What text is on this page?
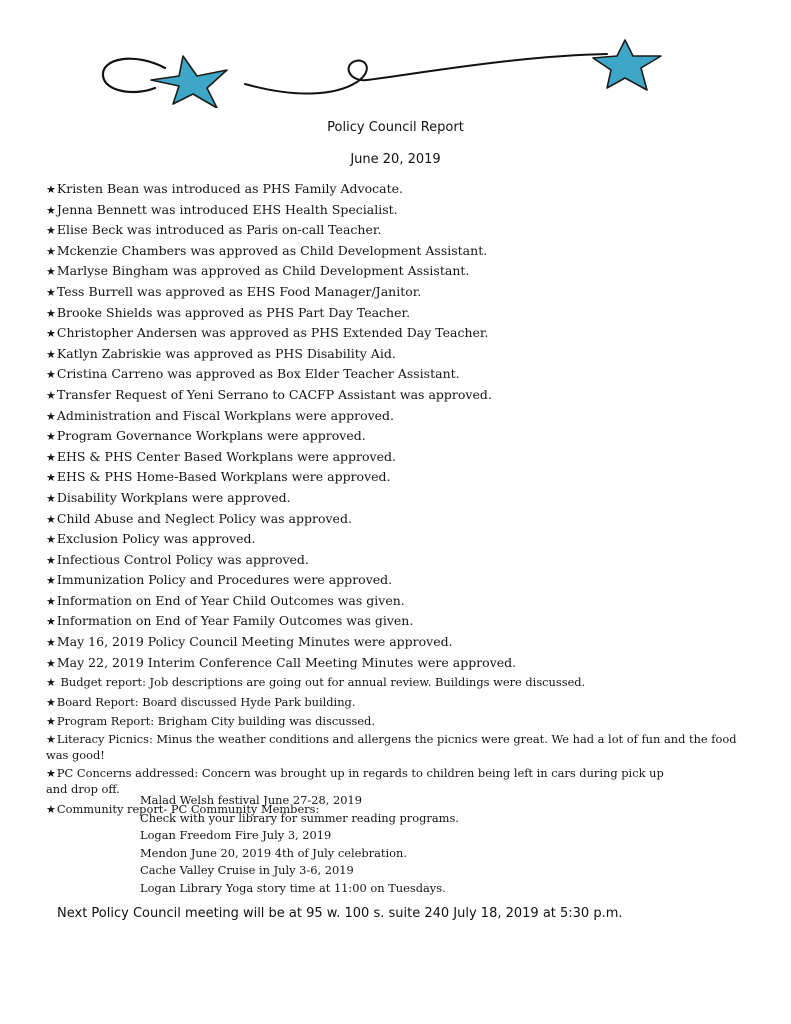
Policy Council Report
June 20, 2019
★Kristen Bean was introduced as PHS Family Advocate.
★Jenna Bennett was introduced EHS Health Specialist.
★Elise Beck was introduced as Paris on-call Teacher.
★Mckenzie Chambers was approved as Child Development Assistant.
★Marlyse Bingham was approved as Child Development Assistant.
★Tess Burrell was approved as EHS Food Manager/Janitor.
★Brooke Shields was approved as PHS Part Day Teacher.
★Christopher Andersen was approved as PHS Extended Day Teacher.
★Katlyn Zabriskie was approved as PHS Disability Aid.
★Cristina Carreno was approved as Box Elder Teacher Assistant.
★Transfer Request of Yeni Serrano to CACFP Assistant was approved.
★Administration and Fiscal Workplans were approved.
★Program Governance Workplans were approved.
★EHS & PHS Center Based Workplans were approved.
★EHS & PHS Home-Based Workplans were approved.
★Disability Workplans were approved.
★Child Abuse and Neglect Policy was approved.
★Exclusion Policy was approved.
★Infectious Control Policy was approved.
★Immunization Policy and Procedures were approved.
★Information on End of Year Child Outcomes was given.
★Information on End of Year Family Outcomes was given.
★May 16, 2019 Policy Council Meeting Minutes were approved.
★May 22, 2019 Interim Conference Call Meeting Minutes were approved.
★ Budget report: Job descriptions are going out for annual review. Buildings were discussed.
★Board Report: Board discussed Hyde Park building.
★Program Report: Brigham City building was discussed.
★Literacy Picnics: Minus the weather conditions and allergens the picnics were great. We had a lot of fun and the food was good!
★PC Concerns addressed: Concern was brought up in regards to children being left in cars during pick up and drop off.
★Community report- PC Community Members:
Malad Welsh festival June 27-28, 2019
Check with your library for summer reading programs.
Logan Freedom Fire July 3, 2019
Mendon June 20, 2019 4th of July celebration.
Cache Valley Cruise in July 3-6, 2019
Logan Library Yoga story time at 11:00 on Tuesdays.
Next Policy Council meeting will be at 95 w. 100 s. suite 240 July 18, 2019 at 5:30 p.m.
